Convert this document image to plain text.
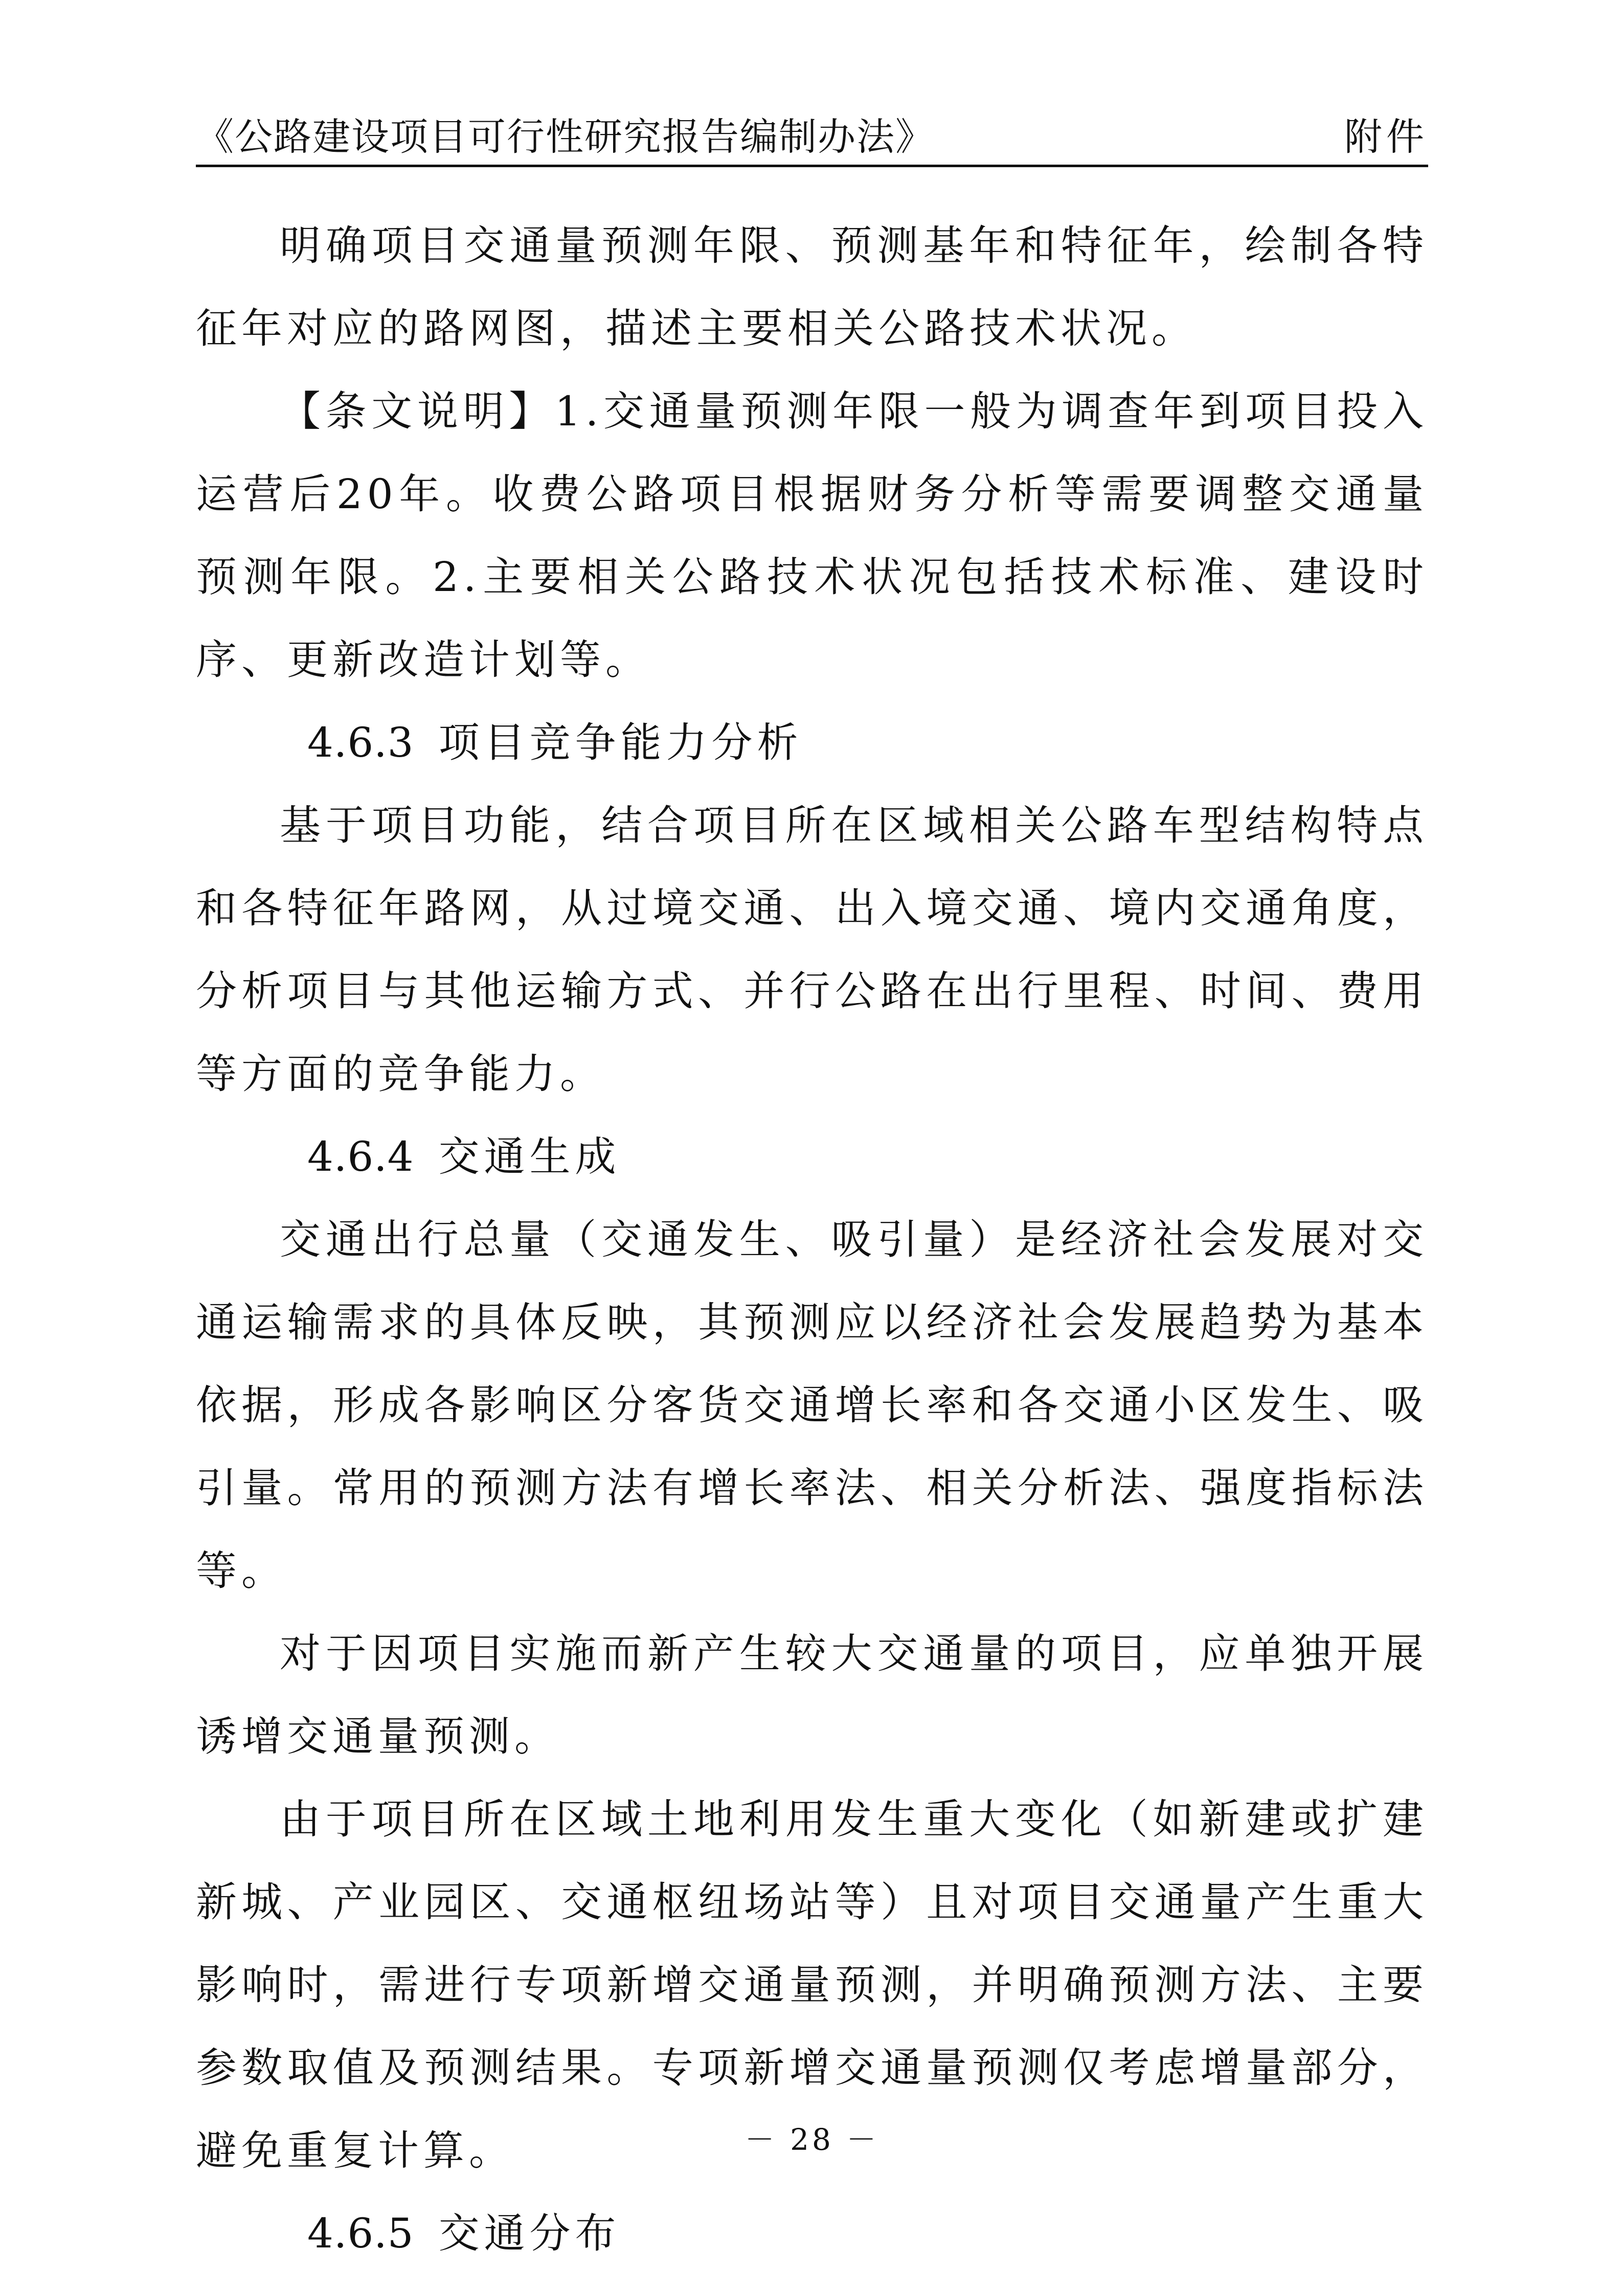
《公路建设项目可行性研究报告编制办法》	附件

明确项目交通量预测年限、预测基年和特征年，绘制各特征年对应的路网图，描述主要相关公路技术状况。

【条文说明】1.交通量预测年限一般为调查年到项目投入运营后20年。收费公路项目根据财务分析等需要调整交通量预测年限。2.主要相关公路技术状况包括技术标准、建设时序、更新改造计划等。

4.6.3 项目竞争能力分析

基于项目功能，结合项目所在区域相关公路车型结构特点和各特征年路网，从过境交通、出入境交通、境内交通角度，分析项目与其他运输方式、并行公路在出行里程、时间、费用等方面的竞争能力。

4.6.4 交通生成

交通出行总量（交通发生、吸引量）是经济社会发展对交通运输需求的具体反映，其预测应以经济社会发展趋势为基本依据，形成各影响区分客货交通增长率和各交通小区发生、吸引量。常用的预测方法有增长率法、相关分析法、强度指标法等。

对于因项目实施而新产生较大交通量的项目，应单独开展诱增交通量预测。

由于项目所在区域土地利用发生重大变化（如新建或扩建新城、产业园区、交通枢纽场站等）且对项目交通量产生重大影响时，需进行专项新增交通量预测，并明确预测方法、主要参数取值及预测结果。专项新增交通量预测仅考虑增量部分，避免重复计算。

4.6.5 交通分布

－ 28 －
